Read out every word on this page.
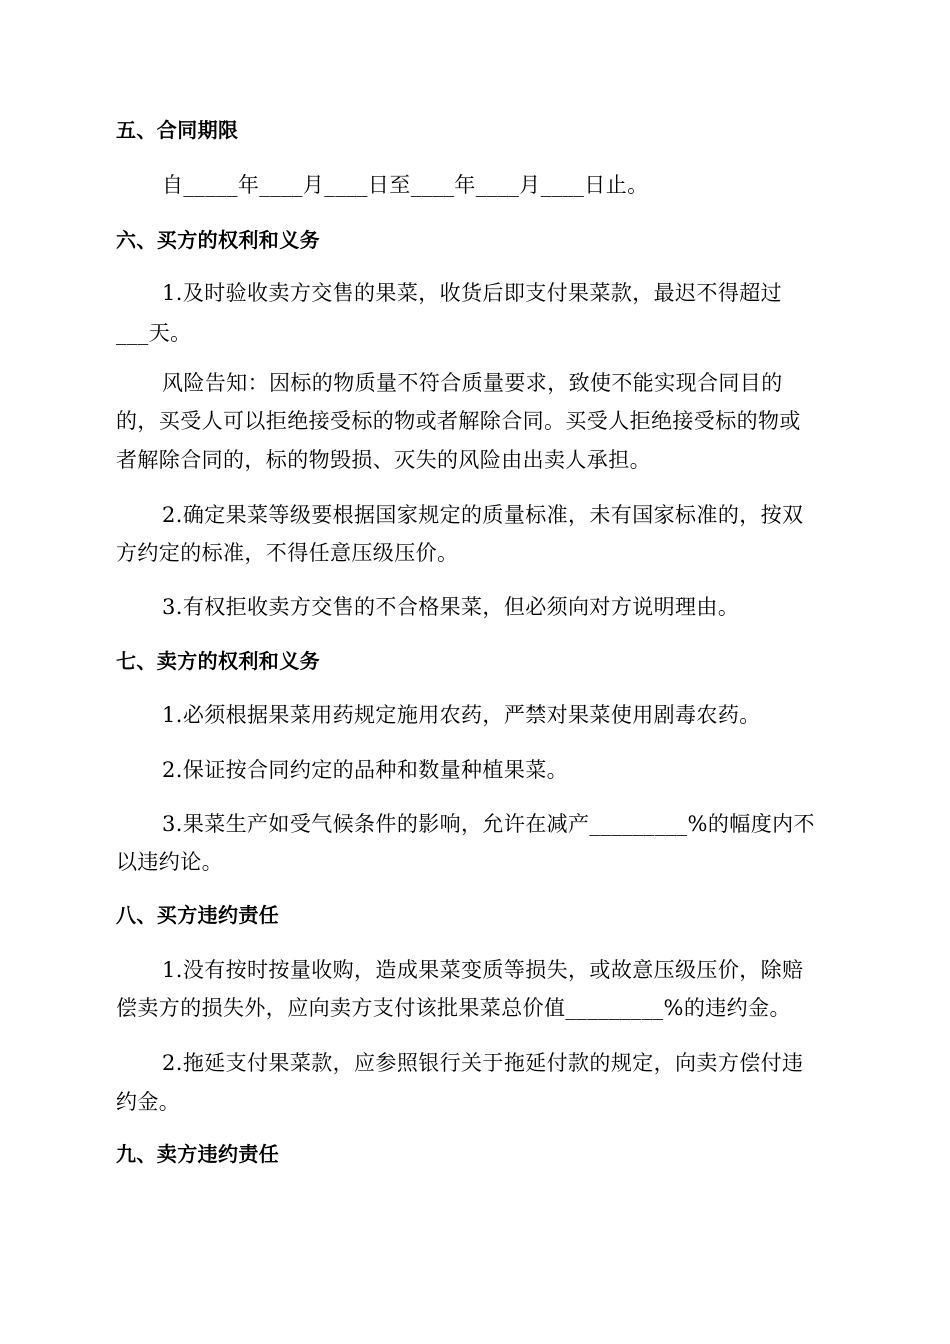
五、合同期限
自_____年____月____日至____年____月____日止。
六、买方的权利和义务
1.及时验收卖方交售的果菜，收货后即支付果菜款，最迟不得超过
___天。
风险告知：因标的物质量不符合质量要求，致使不能实现合同目的
的，买受人可以拒绝接受标的物或者解除合同。买受人拒绝接受标的物或
者解除合同的，标的物毁损、灭失的风险由出卖人承担。
2.确定果菜等级要根据国家规定的质量标准，未有国家标准的，按双
方约定的标准，不得任意压级压价。
3.有权拒收卖方交售的不合格果菜，但必须向对方说明理由。
七、卖方的权利和义务
1.必须根据果菜用药规定施用农药，严禁对果菜使用剧毒农药。
2.保证按合同约定的品种和数量种植果菜。
3.果菜生产如受气候条件的影响，允许在减产_________%的幅度内不
以违约论。
八、买方违约责任
1.没有按时按量收购，造成果菜变质等损失，或故意压级压价，除赔
偿卖方的损失外，应向卖方支付该批果菜总价值_________%的违约金。
2.拖延支付果菜款，应参照银行关于拖延付款的规定，向卖方偿付违
约金。
九、卖方违约责任
